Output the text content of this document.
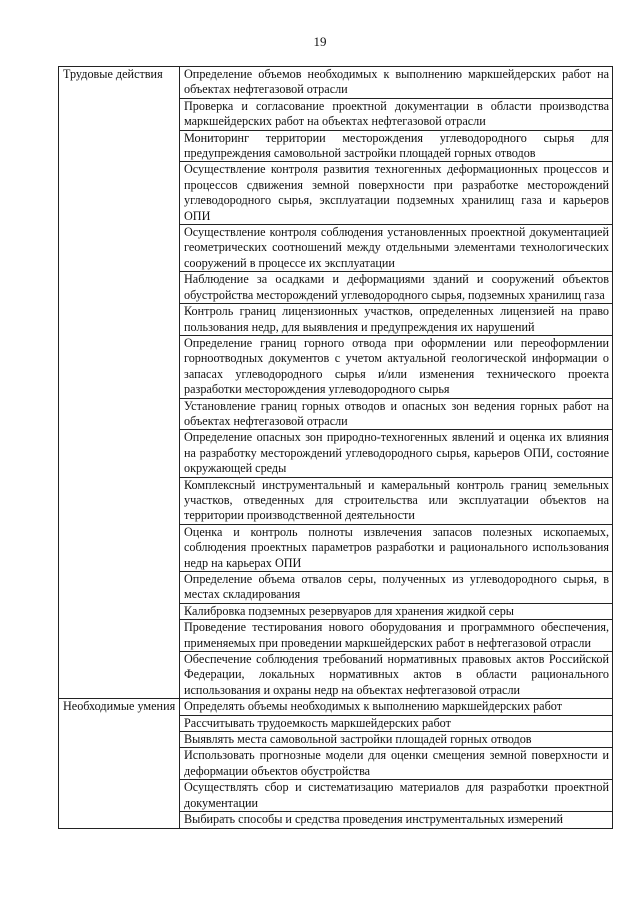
19
Трудовые действия	Определение объемов необходимых к выполнению маркшейдерских работ на объектах нефтегазовой отрасли
	Проверка и согласование проектной документации в области производства маркшейдерских работ на объектах нефтегазовой отрасли
	Мониторинг территории месторождения углеводородного сырья для предупреждения самовольной застройки площадей горных отводов
	Осуществление контроля развития техногенных деформационных процессов и процессов сдвижения земной поверхности при разработке месторождений углеводородного сырья, эксплуатации подземных хранилищ газа и карьеров ОПИ
	Осуществление контроля соблюдения установленных проектной документацией геометрических соотношений между отдельными элементами технологических сооружений в процессе их эксплуатации
	Наблюдение за осадками и деформациями зданий и сооружений объектов обустройства месторождений углеводородного сырья, подземных хранилищ газа
	Контроль границ лицензионных участков, определенных лицензией на право пользования недр, для выявления и предупреждения их нарушений
	Определение границ горного отвода при оформлении или переоформлении горноотводных документов с учетом актуальной геологической информации о запасах углеводородного сырья и/или изменения технического проекта разработки месторождения углеводородного сырья
	Установление границ горных отводов и опасных зон ведения горных работ на объектах нефтегазовой отрасли
	Определение опасных зон природно-техногенных явлений и оценка их влияния на разработку месторождений углеводородного сырья, карьеров ОПИ, состояние окружающей среды
	Комплексный инструментальный и камеральный контроль границ земельных участков, отведенных для строительства или эксплуатации объектов на территории производственной деятельности
	Оценка и контроль полноты извлечения запасов полезных ископаемых, соблюдения проектных параметров разработки и рационального использования недр на карьерах ОПИ
	Определение объема отвалов серы, полученных из углеводородного сырья, в местах складирования
	Калибровка подземных резервуаров для хранения жидкой серы
	Проведение тестирования нового оборудования и программного обеспечения, применяемых при проведении маркшейдерских работ в нефтегазовой отрасли
	Обеспечение соблюдения требований нормативных правовых актов Российской Федерации, локальных нормативных актов в области рационального использования и охраны недр на объектах нефтегазовой отрасли
Необходимые умения	Определять объемы необходимых к выполнению маркшейдерских работ
	Рассчитывать трудоемкость маркшейдерских работ
	Выявлять места самовольной застройки площадей горных отводов
	Использовать прогнозные модели для оценки смещения земной поверхности и деформации объектов обустройства
	Осуществлять сбор и систематизацию материалов для разработки проектной документации
	Выбирать способы и средства проведения инструментальных измерений
